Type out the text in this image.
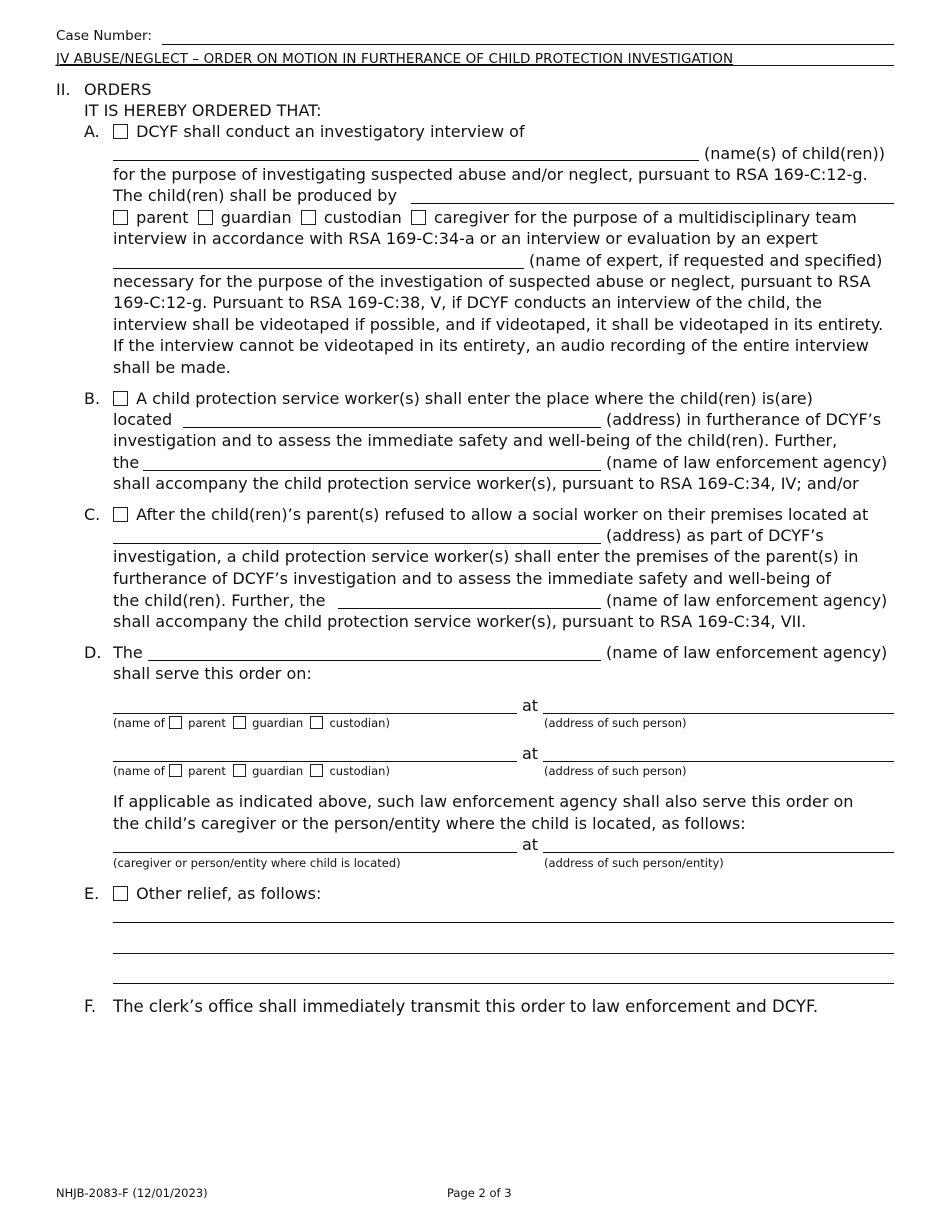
Case Number:
JV ABUSE/NEGLECT – ORDER ON MOTION IN FURTHERANCE OF CHILD PROTECTION INVESTIGATION
II. ORDERS
IT IS HEREBY ORDERED THAT:
A.	DCYF shall conduct an investigatory interview of
(name(s) of child(ren))
for the purpose of investigating suspected abuse and/or neglect, pursuant to RSA 169-C:12-g.
The child(ren) shall be produced by
parent guardian custodian caregiver for the purpose of a multidisciplinary team
interview in accordance with RSA 169-C:34-a or an interview or evaluation by an expert
(name of expert, if requested and specified)
necessary for the purpose of the investigation of suspected abuse or neglect, pursuant to RSA
169-C:12-g. Pursuant to RSA 169-C:38, V, if DCYF conducts an interview of the child, the
interview shall be videotaped if possible, and if videotaped, it shall be videotaped in its entirety.
If the interview cannot be videotaped in its entirety, an audio recording of the entire interview
shall be made.
B.	A child protection service worker(s) shall enter the place where the child(ren) is(are)
located	(address) in furtherance of DCYF’s
investigation and to assess the immediate safety and well-being of the child(ren). Further,
the	(name of law enforcement agency)
shall accompany the child protection service worker(s), pursuant to RSA 169-C:34, IV; and/or
C.	After the child(ren)’s parent(s) refused to allow a social worker on their premises located at
(address) as part of DCYF’s
investigation, a child protection service worker(s) shall enter the premises of the parent(s) in
furtherance of DCYF’s investigation and to assess the immediate safety and well-being of
the child(ren). Further, the	(name of law enforcement agency)
shall accompany the child protection service worker(s), pursuant to RSA 169-C:34, VII.
D. The	(name of law enforcement agency)
shall serve this order on:
at
(name of parent guardian custodian)	(address of such person)
at
(name of parent guardian custodian)	(address of such person)
If applicable as indicated above, such law enforcement agency shall also serve this order on
the child’s caregiver or the person/entity where the child is located, as follows:
at
(caregiver or person/entity where child is located)	(address of such person/entity)
E.	Other relief, as follows:
F. The clerk’s office shall immediately transmit this order to law enforcement and DCYF.
NHJB-2083-F (12/01/2023)	Page 2 of 3
